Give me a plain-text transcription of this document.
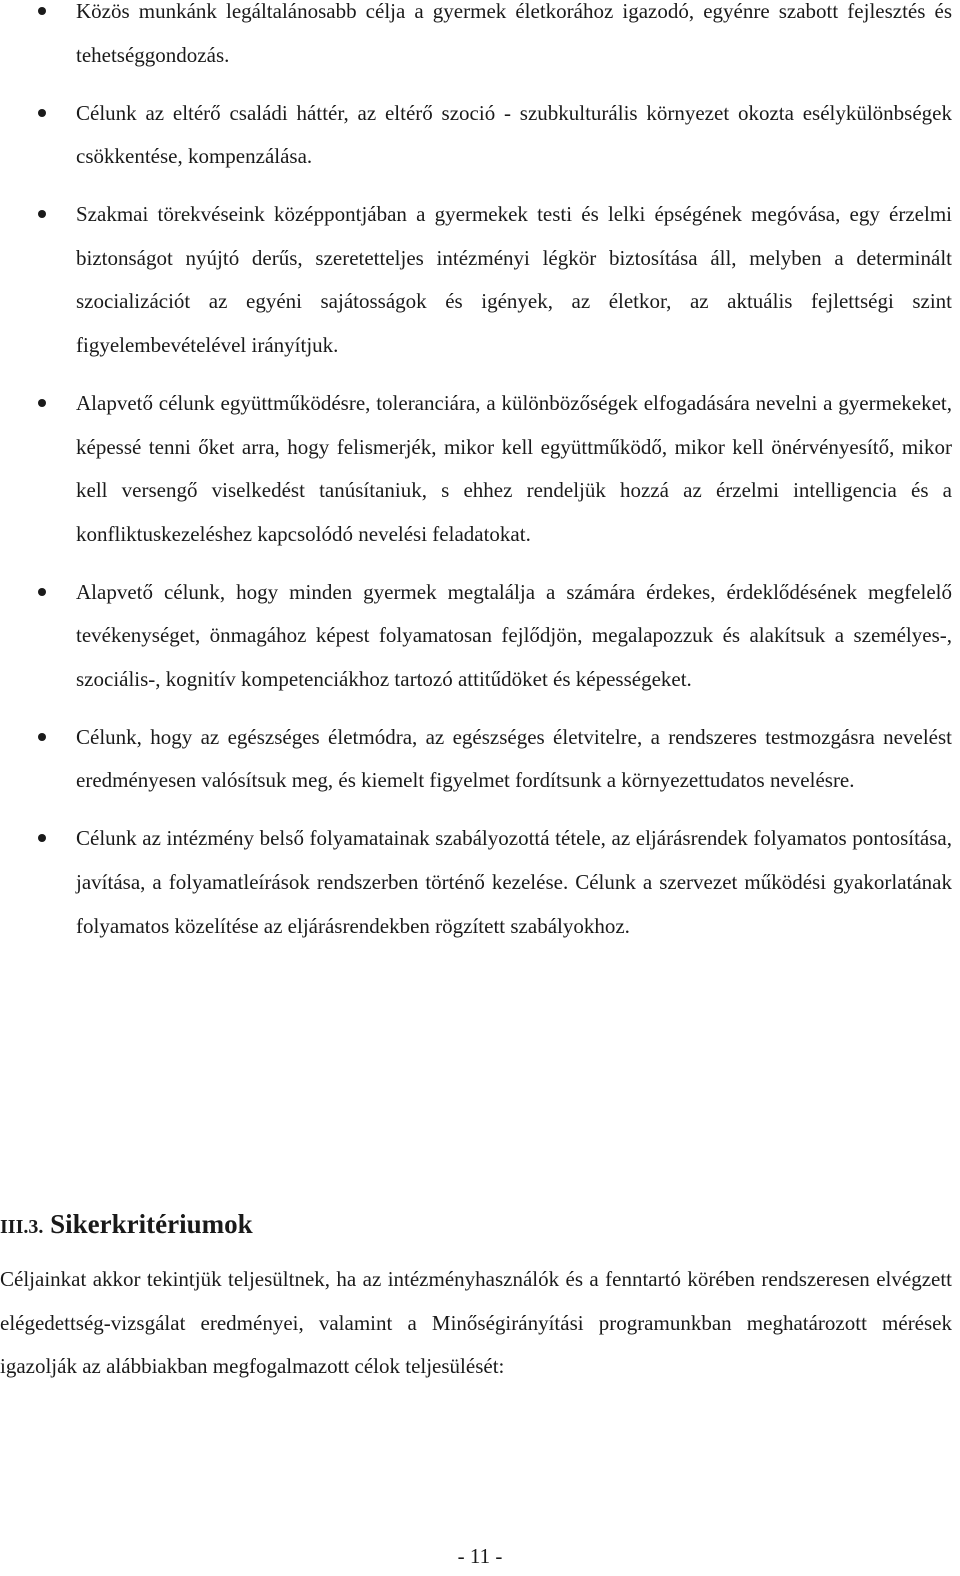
Közös munkánk legáltalánosabb célja a gyermek életkorához igazodó, egyénre szabott fejlesztés és tehetséggondozás.
Célunk az eltérő családi háttér, az eltérő szoció - szubkulturális környezet okozta esélykülönbségek csökkentése, kompenzálása.
Szakmai törekvéseink középpontjában a gyermekek testi és lelki épségének megóvása, egy érzelmi biztonságot nyújtó derűs, szeretetteljes intézményi légkör biztosítása áll, melyben a determinált szocializációt az egyéni sajátosságok és igények, az életkor, az aktuális fejlettségi szint figyelembevételével irányítjuk.
Alapvető célunk együttműködésre, toleranciára, a különbözőségek elfogadására nevelni a gyermekeket, képessé tenni őket arra, hogy felismerjék, mikor kell együttműködő, mikor kell önérvényesítő, mikor kell versengő viselkedést tanúsítaniuk, s ehhez rendeljük hozzá az érzelmi intelligencia és a konfliktuskezeléshez kapcsolódó nevelési feladatokat.
Alapvető célunk, hogy minden gyermek megtalálja a számára érdekes, érdeklődésének megfelelő tevékenységet, önmagához képest folyamatosan fejlődjön, megalapozzuk és alakítsuk a személyes-, szociális-, kognitív kompetenciákhoz tartozó attitűdöket és képességeket.
Célunk, hogy az egészséges életmódra, az egészséges életvitelre, a rendszeres testmozgásra nevelést eredményesen valósítsuk meg, és kiemelt figyelmet fordítsunk a környezettudatos nevelésre.
Célunk az intézmény belső folyamatainak szabályozottá tétele, az eljárásrendek folyamatos pontosítása, javítása, a folyamatleírások rendszerben történő kezelése. Célunk a szervezet működési gyakorlatának folyamatos közelítése az eljárásrendekben rögzített szabályokhoz.
III.3. Sikerkritériumok

Céljainkat akkor tekintjük teljesültnek, ha az intézményhasználók és a fenntartó körében rendszeresen elvégzett elégedettség-vizsgálat eredményei, valamint a Minőségirányítási programunkban meghatározott mérések igazolják az alábbiakban megfogalmazott célok teljesülését:

- 11 -
